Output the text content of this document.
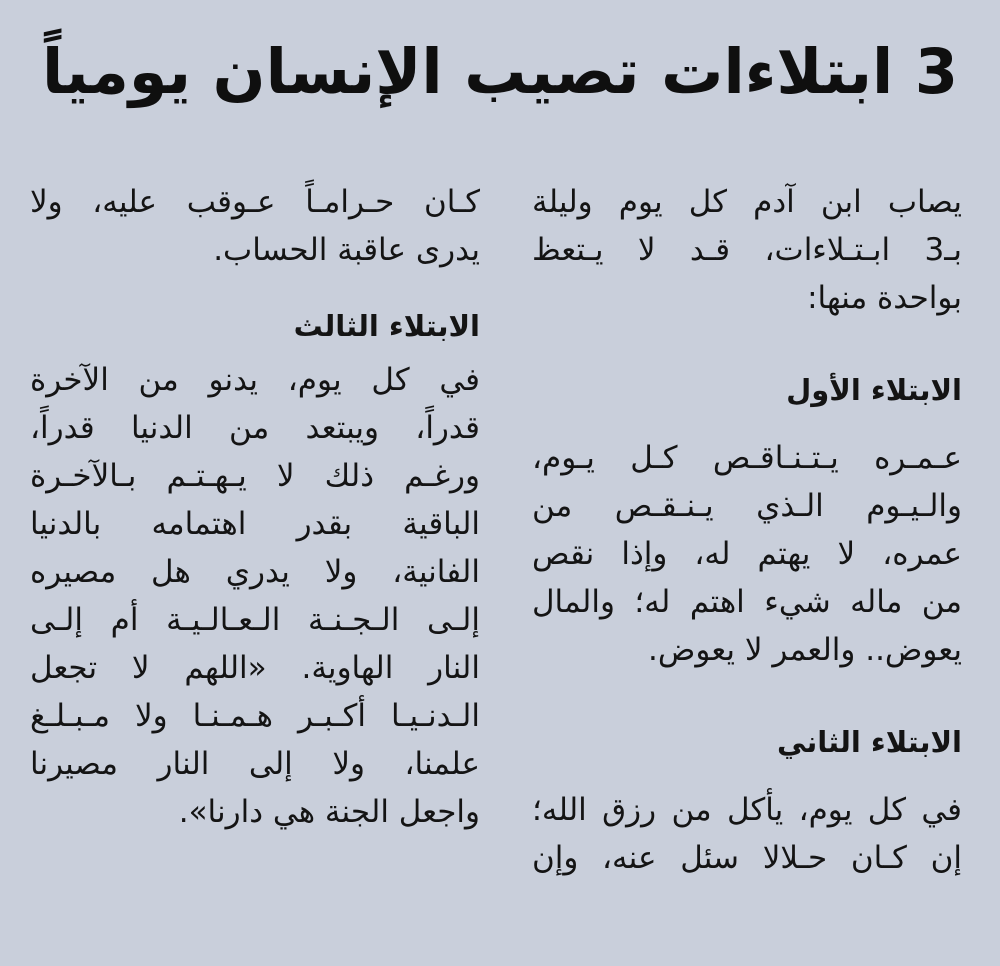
3 ابتلاءات تصيب الإنسان يومياً
يصاب ابن آدم كل يوم وليلة
بـ3 ابـتـلاءات، قـد لا يـتعظ
بواحدة منها:
الابتلاء الأول
عـمـره يـتـنـاقـص كـل يـوم،
والـيـوم الـذي يـنـقـص من
عمره، لا يهتم له، وإذا نقص
من ماله شيء اهتم له؛ والمال
يعوض.. والعمر لا يعوض.
الابتلاء الثاني
في كل يوم، يأكل من رزق الله؛
إن كـان حـلالا سئل عنه، وإن
كـان حـرامـاً عـوقب عليه، ولا
يدرى عاقبة الحساب.
الابتلاء الثالث
في كل يوم، يدنو من الآخرة
قدراً، ويبتعد من الدنيا قدراً،
ورغـم ذلك لا يـهـتـم بـالآخـرة
الباقية بقدر اهتمامه بالدنيا
الفانية، ولا يدري هل مصيره
إلـى الـجـنـة الـعـالـيـة أم إلـى
النار الهاوية. «اللهم لا تجعل
الـدنـيـا أكـبـر هـمـنـا ولا مـبـلـغ
علمنا، ولا إلى النار مصيرنا
واجعل الجنة هي دارنا».
